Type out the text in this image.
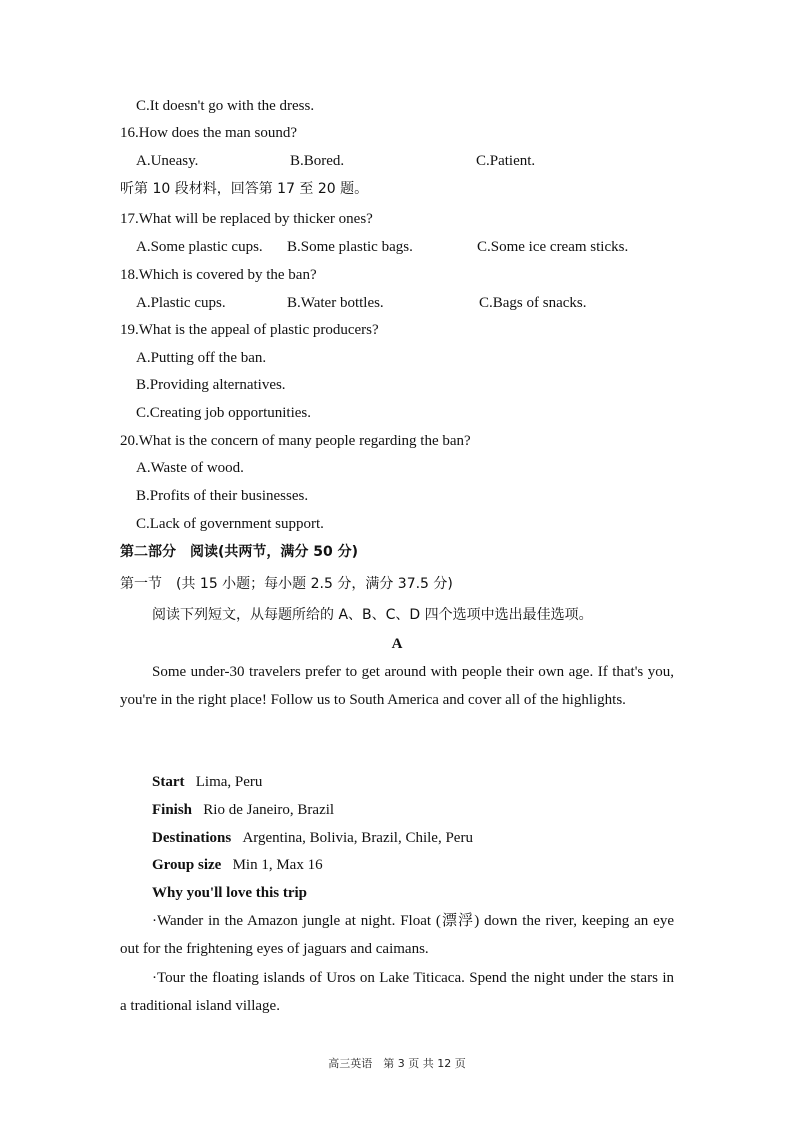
C.It doesn't go with the dress.
16.How does the man sound?
A.Uneasy.	B.Bored.	C.Patient.
听第 10 段材料，回答第 17 至 20 题。
17.What will be replaced by thicker ones?
A.Some plastic cups. B.Some plastic bags.	C.Some ice cream sticks.
18.Which is covered by the ban?
A.Plastic cups.	B.Water bottles.	C.Bags of snacks.
19.What is the appeal of plastic producers?
A.Putting off the ban.
B.Providing alternatives.
C.Creating job opportunities.
20.What is the concern of many people regarding the ban?
A.Waste of wood.
B.Profits of their businesses.
C.Lack of government support.
第二部分　阅读(共两节，满分 50 分)
第一节　(共 15 小题；每小题 2.5 分，满分 37.5 分)
阅读下列短文，从每题所给的 A、B、C、D 四个选项中选出最佳选项。
A
Some under-30 travelers prefer to get around with people their own age. If that's you, you're in the right place! Follow us to South America and cover all of the highlights.
Start Lima, Peru
Finish Rio de Janeiro, Brazil
Destinations Argentina, Bolivia, Brazil, Chile, Peru
Group size Min 1, Max 16
Why you'll love this trip
·Wander in the Amazon jungle at night. Float (漂浮) down the river, keeping an eye out for the frightening eyes of jaguars and caimans.
·Tour the floating islands of Uros on Lake Titicaca. Spend the night under the stars in a traditional island village.
高三英语　第 3 页 共 12 页
